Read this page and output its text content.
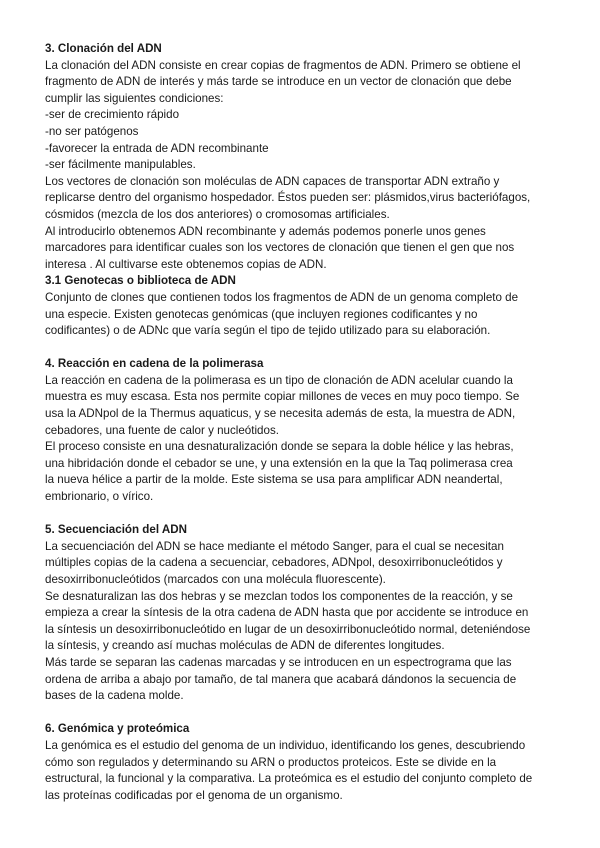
3. Clonación del ADN

La clonación del ADN consiste en crear copias de fragmentos de ADN. Primero se obtiene el
fragmento de ADN de interés y más tarde se introduce en un vector de clonación que debe
cumplir las siguientes condiciones:
-ser de crecimiento rápido
-no ser patógenos
-favorecer la entrada de ADN recombinante
-ser fácilmente manipulables.

Los vectores de clonación son moléculas de ADN capaces de transportar ADN extraño y
replicarse dentro del organismo hospedador. Éstos pueden ser: plásmidos,virus bacteriófagos,
cósmidos (mezcla de los dos anteriores) o cromosomas artificiales.

Al introducirlo obtenemos ADN recombinante y además podemos ponerle unos genes
marcadores para identificar cuales son los vectores de clonación que tienen el gen que nos
interesa . Al cultivarse este obtenemos copias de ADN.

3.1 Genotecas o biblioteca de ADN

Conjunto de clones que contienen todos los fragmentos de ADN de un genoma completo de
una especie. Existen genotecas genómicas (que incluyen regiones codificantes y no
codificantes) o de ADNc que varía según el tipo de tejido utilizado para su elaboración.

4. Reacción en cadena de la polimerasa

La reacción en cadena de la polimerasa es un tipo de clonación de ADN acelular cuando la
muestra es muy escasa. Esta nos permite copiar millones de veces en muy poco tiempo. Se
usa la ADNpol de la Thermus aquaticus, y se necesita además de esta, la muestra de ADN,
cebadores, una fuente de calor y nucleótidos.

El proceso consiste en una desnaturalización donde se separa la doble hélice y las hebras,
una hibridación donde el cebador se une, y una extensión en la que la Taq polimerasa crea
la nueva hélice a partir de la molde. Este sistema se usa para amplificar ADN neandertal,
embrionario, o vírico.

5. Secuenciación del ADN

La secuenciación del ADN se hace mediante el método Sanger, para el cual se necesitan
múltiples copias de la cadena a secuenciar, cebadores, ADNpol, desoxirribonucleótidos y
desoxirribonucleótidos (marcados con una molécula fluorescente).

Se desnaturalizan las dos hebras y se mezclan todos los componentes de la reacción, y se
empieza a crear la síntesis de la otra cadena de ADN hasta que por accidente se introduce en
la síntesis un desoxirribonucleótido en lugar de un desoxirribonucleótido normal, deteniéndose
la síntesis, y creando así muchas moléculas de ADN de diferentes longitudes.

Más tarde se separan las cadenas marcadas y se introducen en un espectrograma que las
ordena de arriba a abajo por tamaño, de tal manera que acabará dándonos la secuencia de
bases de la cadena molde.

6. Genómica y proteómica

La genómica es el estudio del genoma de un individuo, identificando los genes, descubriendo
cómo son regulados y determinando su ARN o productos proteicos. Este se divide en la
estructural, la funcional y la comparativa. La proteómica es el estudio del conjunto completo de
las proteínas codificadas por el genoma de un organismo.
